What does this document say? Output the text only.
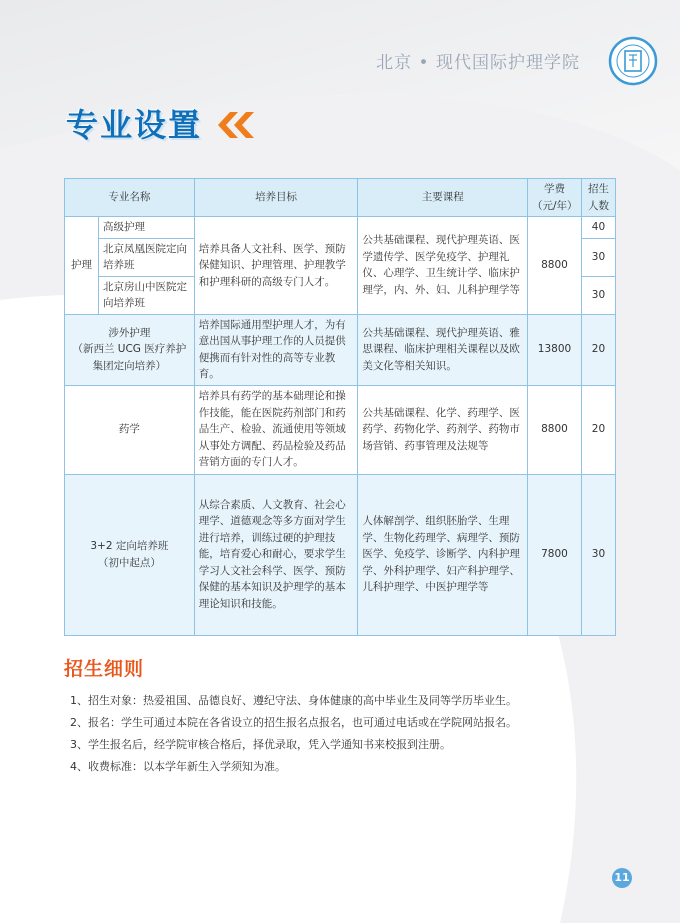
北京 • 现代国际护理学院
专业设置
专业名称		培养目标	主要课程	学费（元/年）	招生人数
护理	高级护理	培养具备人文社科、医学、预防保健知识、护理管理、护理教学和护理科研的高级专门人才。	公共基础课程、现代护理英语、医学遗传学、医学免疫学、护理礼仪、心理学、卫生统计学、临床护理学，内、外、妇、儿科护理学等	8800	40
	北京凤凰医院定向培养班				30
	北京房山中医院定向培养班				30

涉外护理
（新西兰 UCG 医疗养护集团定向培养）		培养国际通用型护理人才，为有意出国从事护理工作的人员提供便携而有针对性的高等专业教育。	公共基础课程、现代护理英语、雅思课程、临床护理相关课程以及欧美文化等相关知识。	13800	20
药学		培养具有药学的基本础理论和操作技能，能在医院药剂部门和药品生产、检验、流通使用等领域从事处方调配、药品检验及药品营销方面的专门人才。	公共基础课程、化学、药理学、医药学、药物化学、药剂学、药物市场营销、药事管理及法规等	8800	20

3+2 定向培养班
（初中起点）		从综合素质、人文教育、社会心理学、道德观念等多方面对学生进行培养，训练过硬的护理技能，培育爱心和耐心，要求学生学习人文社会科学、医学、预防保健的基本知识及护理学的基本理论知识和技能。	人体解剖学、组织胚胎学、生理学、生物化药理学、病理学、预防医学、免疫学、诊断学、内科护理学、外科护理学、妇产科护理学、儿科护理学、中医护理学等	7800	30
招生细则
1、招生对象：热爱祖国、品德良好、遵纪守法、身体健康的高中毕业生及同等学历毕业生。
2、报名：学生可通过本院在各省设立的招生报名点报名，也可通过电话或在学院网站报名。
3、学生报名后，经学院审核合格后，择优录取，凭入学通知书来校报到注册。
4、收费标准：以本学年新生入学须知为准。
11
